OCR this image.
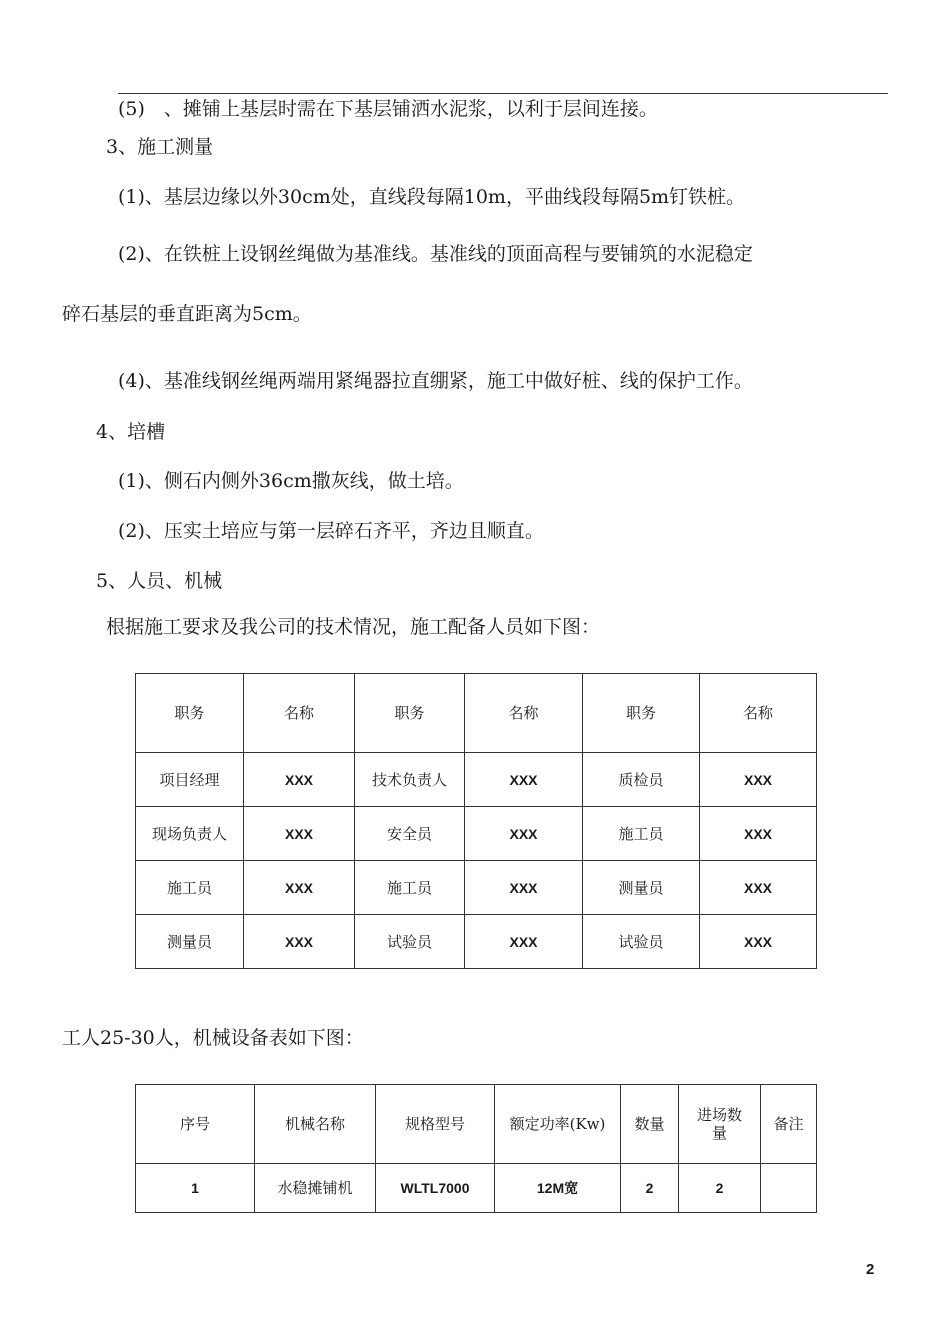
(5)　、摊铺上基层时需在下基层铺洒水泥浆，以利于层间连接。
3、施工测量
(1)、基层边缘以外30cm处，直线段每隔10m，平曲线段每隔5m钉铁桩。
(2)、在铁桩上设钢丝绳做为基准线。基准线的顶面高程与要铺筑的水泥稳定
碎石基层的垂直距离为5cm。
(4)、基准线钢丝绳两端用紧绳器拉直绷紧，施工中做好桩、线的保护工作。
4、培槽
(1)、侧石内侧外36cm撒灰线，做土培。
(2)、压实土培应与第一层碎石齐平，齐边且顺直。
5、人员、机械
根据施工要求及我公司的技术情况，施工配备人员如下图：
职务	名称	职务	名称	职务	名称
项目经理	XXX	技术负责人	XXX	质检员	XXX
现场负责人	XXX	安全员	XXX	施工员	XXX
施工员	XXX	施工员	XXX	测量员	XXX
测量员	XXX	试验员	XXX	试验员	XXX
工人25-30人，机械设备表如下图：
序号	机械名称	规格型号	额定功率(Kw)	数量	进场数量	备注
1	水稳摊铺机	WLTL7000	12M宽	2	2	
2
